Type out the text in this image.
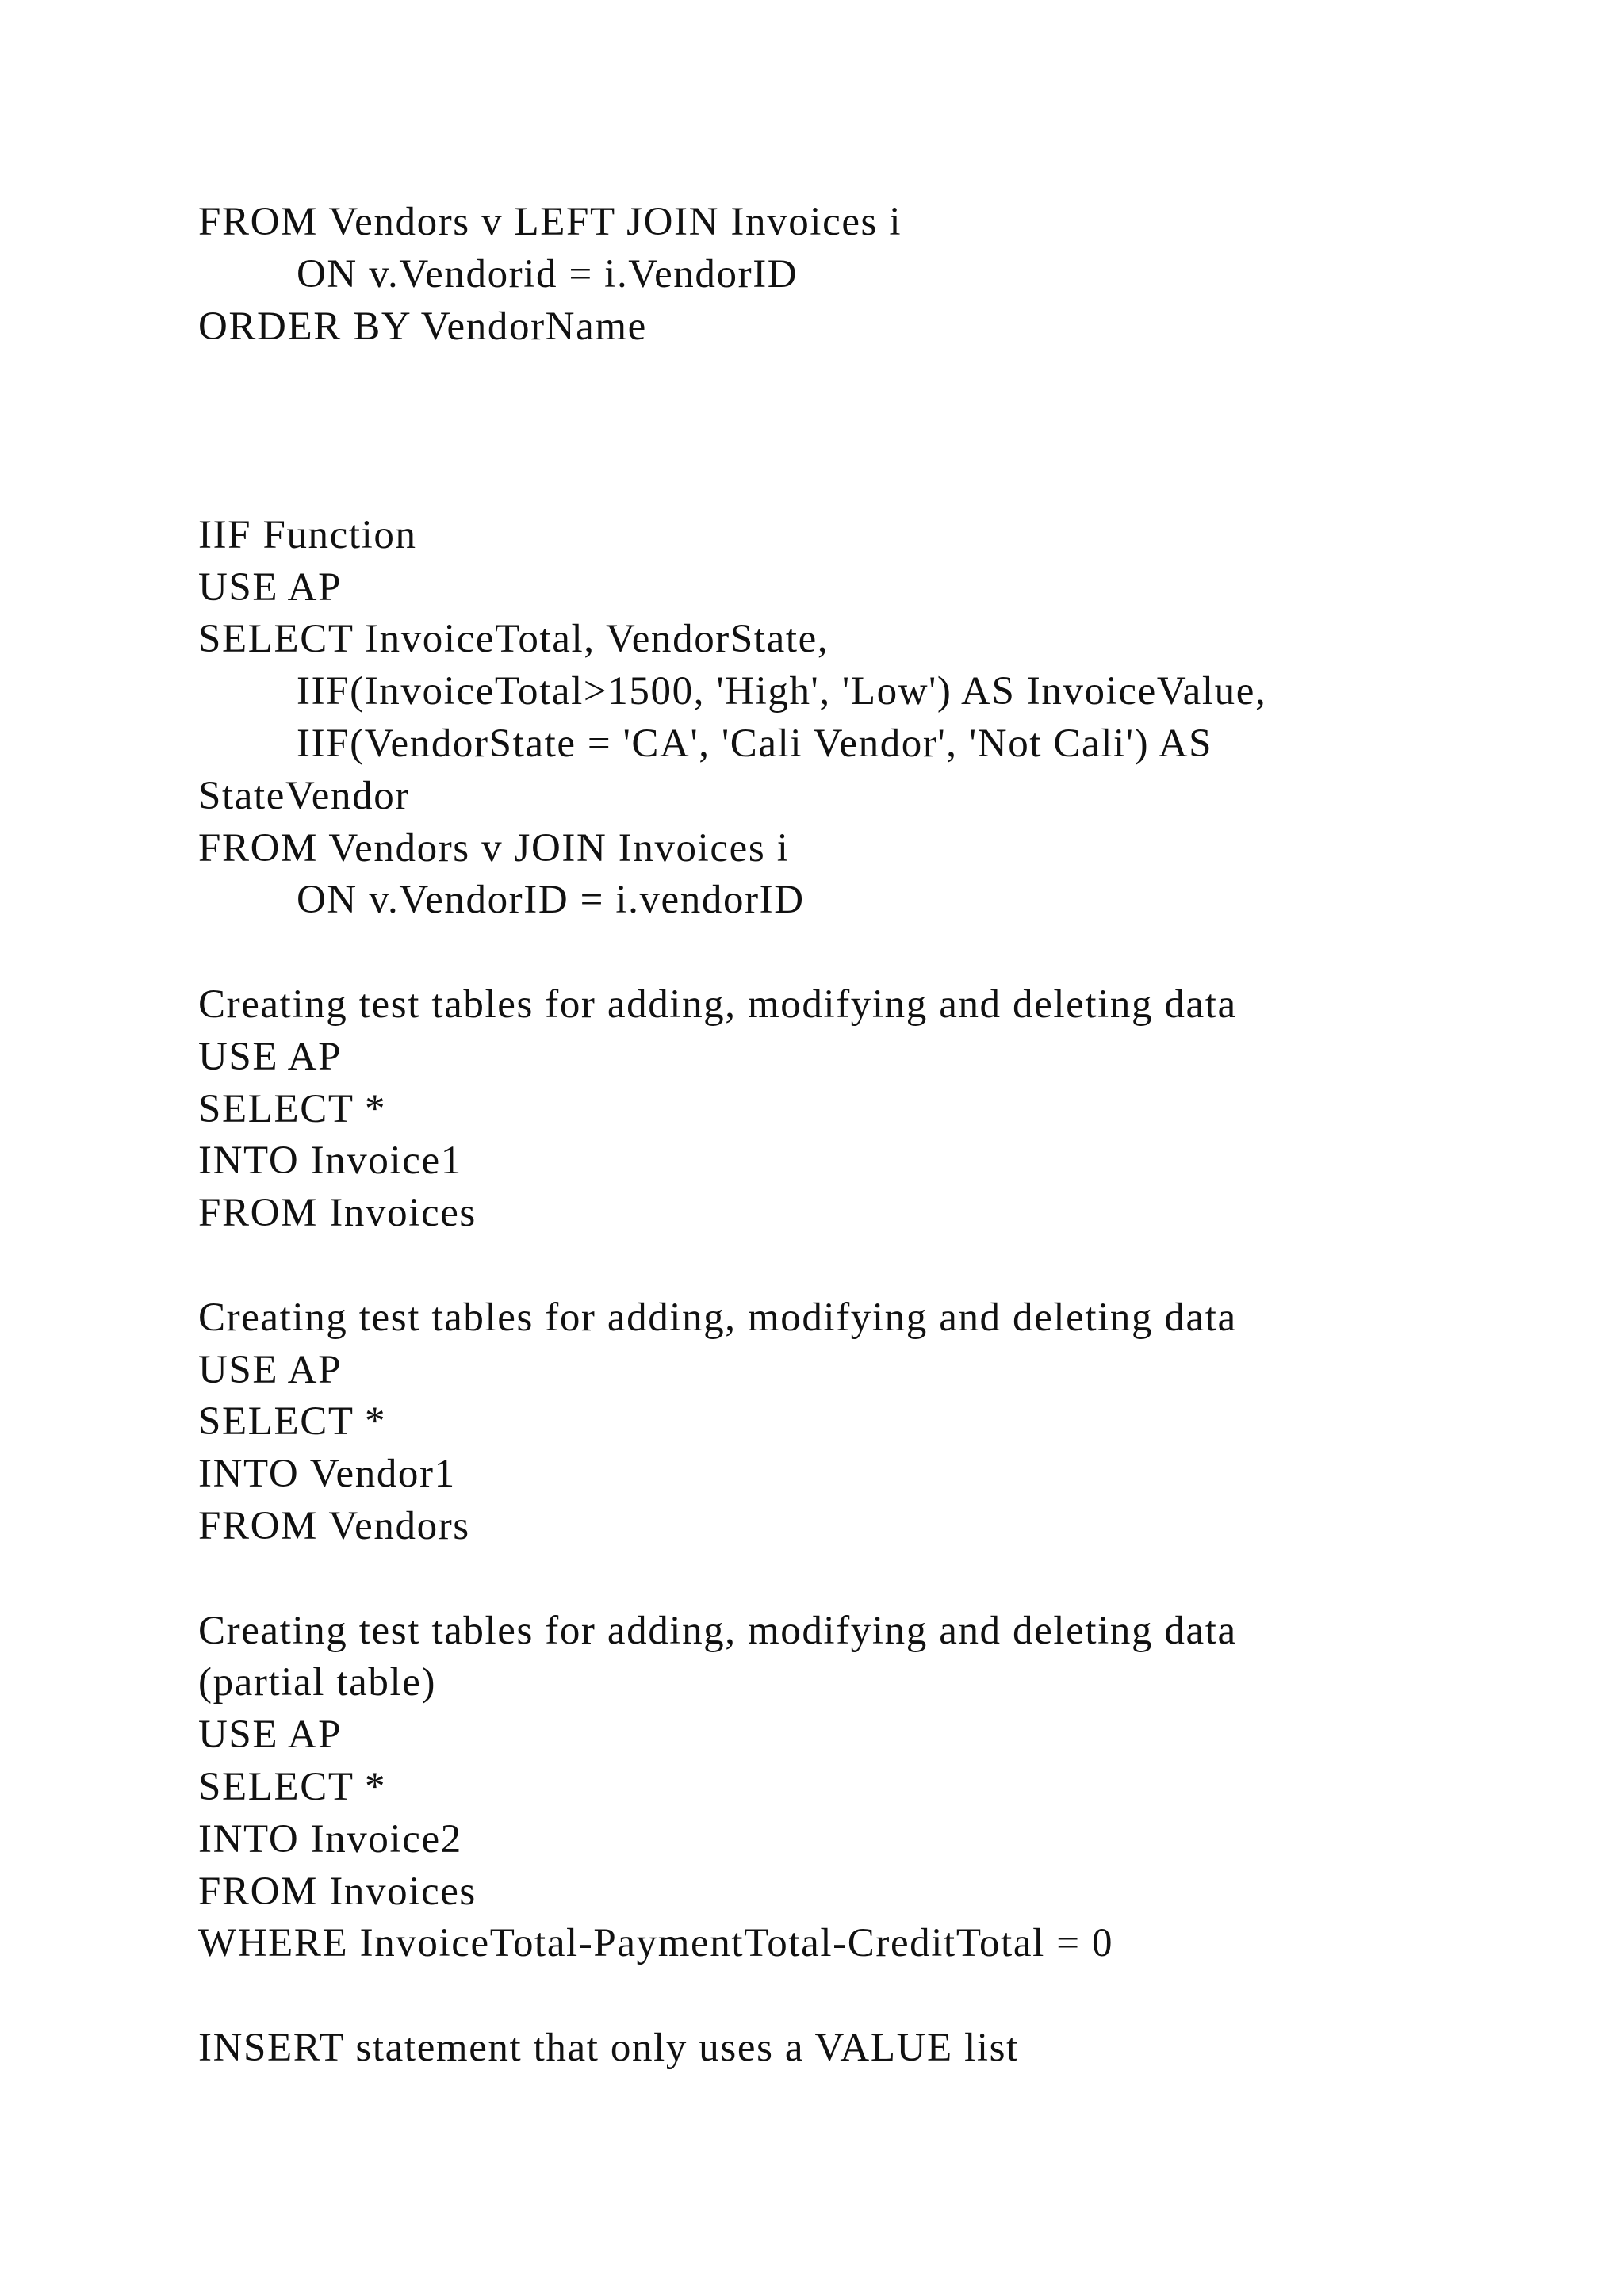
FROM Vendors v LEFT JOIN Invoices i
ON v.Vendorid = i.VendorID
ORDER BY VendorName
IIF Function
USE AP
SELECT InvoiceTotal, VendorState,
IIF(InvoiceTotal>1500, 'High', 'Low') AS InvoiceValue,
IIF(VendorState = 'CA', 'Cali Vendor', 'Not Cali') AS
StateVendor
FROM Vendors v JOIN Invoices i
ON v.VendorID = i.vendorID
Creating test tables for adding, modifying and deleting data
USE AP
SELECT *
INTO Invoice1
FROM Invoices
Creating test tables for adding, modifying and deleting data
USE AP
SELECT *
INTO Vendor1
FROM Vendors
Creating test tables for adding, modifying and deleting data
(partial table)
USE AP
SELECT *
INTO Invoice2
FROM Invoices
WHERE InvoiceTotal-PaymentTotal-CreditTotal = 0
INSERT statement that only uses a VALUE list
